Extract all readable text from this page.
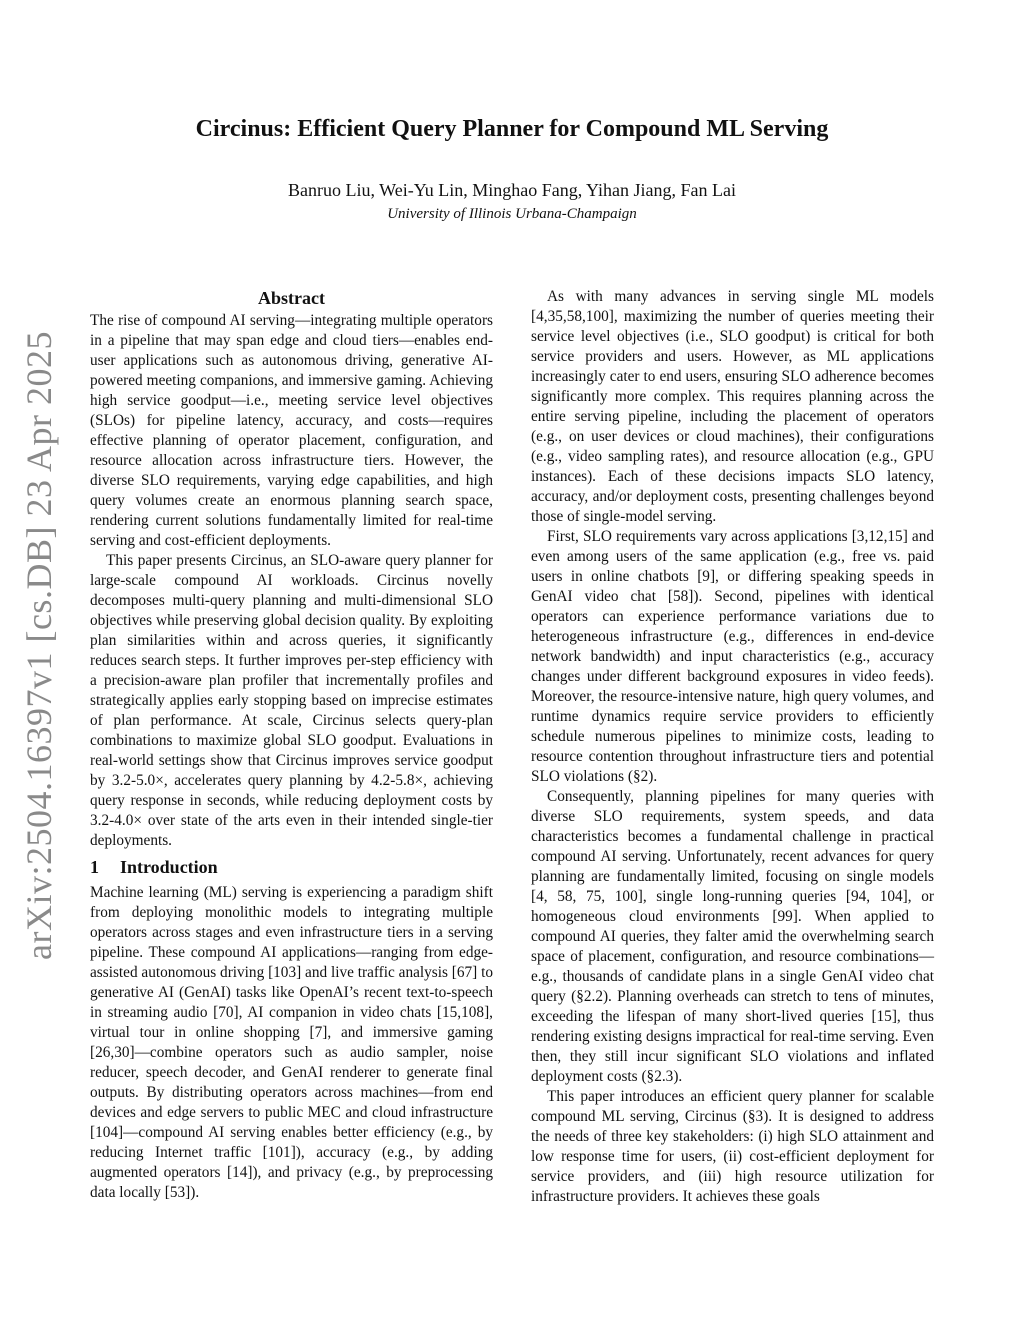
arXiv:2504.16397v1 [cs.DB] 23 Apr 2025
Circinus: Efficient Query Planner for Compound ML Serving
Banruo Liu, Wei-Yu Lin, Minghao Fang, Yihan Jiang, Fan Lai
University of Illinois Urbana-Champaign
Abstract

The rise of compound AI serving—integrating multiple operators in a pipeline that may span edge and cloud tiers—enables end-user applications such as autonomous driving, generative AI-powered meeting companions, and immersive gaming. Achieving high service goodput—i.e., meeting service level objectives (SLOs) for pipeline latency, accuracy, and costs—requires effective planning of operator placement, configuration, and resource allocation across infrastructure tiers. However, the diverse SLO requirements, varying edge capabilities, and high query volumes create an enormous planning search space, rendering current solutions fundamentally limited for real-time serving and cost-efficient deployments.

This paper presents Circinus, an SLO-aware query planner for large-scale compound AI workloads. Circinus novelly decomposes multi-query planning and multi-dimensional SLO objectives while preserving global decision quality. By exploiting plan similarities within and across queries, it significantly reduces search steps. It further improves per-step efficiency with a precision-aware plan profiler that incrementally profiles and strategically applies early stopping based on imprecise estimates of plan performance. At scale, Circinus selects query-plan combinations to maximize global SLO goodput. Evaluations in real-world settings show that Circinus improves service goodput by 3.2-5.0×, accelerates query planning by 4.2-5.8×, achieving query response in seconds, while reducing deployment costs by 3.2-4.0× over state of the arts even in their intended single-tier deployments.

1 Introduction

Machine learning (ML) serving is experiencing a paradigm shift from deploying monolithic models to integrating multiple operators across stages and even infrastructure tiers in a serving pipeline. These compound AI applications—ranging from edge-assisted autonomous driving [103] and live traffic analysis [67] to generative AI (GenAI) tasks like OpenAI’s recent text-to-speech in streaming audio [70], AI companion in video chats [15,108], virtual tour in online shopping [7], and immersive gaming [26,30]—combine operators such as audio sampler, noise reducer, speech decoder, and GenAI renderer to generate final outputs. By distributing operators across machines—from end devices and edge servers to public MEC and cloud infrastructure [104]—compound AI serving enables better efficiency (e.g., by reducing Internet traffic [101]), accuracy (e.g., by adding augmented operators [14]), and privacy (e.g., by preprocessing data locally [53]).

As with many advances in serving single ML models [4,35,58,100], maximizing the number of queries meeting their service level objectives (i.e., SLO goodput) is critical for both service providers and users. However, as ML applications increasingly cater to end users, ensuring SLO adherence becomes significantly more complex. This requires planning across the entire serving pipeline, including the placement of operators (e.g., on user devices or cloud machines), their configurations (e.g., video sampling rates), and resource allocation (e.g., GPU instances). Each of these decisions impacts SLO latency, accuracy, and/or deployment costs, presenting challenges beyond those of single-model serving.

First, SLO requirements vary across applications [3,12,15] and even among users of the same application (e.g., free vs. paid users in online chatbots [9], or differing speaking speeds in GenAI video chat [58]). Second, pipelines with identical operators can experience performance variations due to heterogeneous infrastructure (e.g., differences in end-device network bandwidth) and input characteristics (e.g., accuracy changes under different background exposures in video feeds). Moreover, the resource-intensive nature, high query volumes, and runtime dynamics require service providers to efficiently schedule numerous pipelines to minimize costs, leading to resource contention throughout infrastructure tiers and potential SLO violations (§2).

Consequently, planning pipelines for many queries with diverse SLO requirements, system speeds, and data characteristics becomes a fundamental challenge in practical compound AI serving. Unfortunately, recent advances for query planning are fundamentally limited, focusing on single models [4, 58, 75, 100], single long-running queries [94, 104], or homogeneous cloud environments [99]. When applied to compound AI queries, they falter amid the overwhelming search space of placement, configuration, and resource combinations—e.g., thousands of candidate plans in a single GenAI video chat query (§2.2). Planning overheads can stretch to tens of minutes, exceeding the lifespan of many short-lived queries [15], thus rendering existing designs impractical for real-time serving. Even then, they still incur significant SLO violations and inflated deployment costs (§2.3).

This paper introduces an efficient query planner for scalable compound ML serving, Circinus (§3). It is designed to address the needs of three key stakeholders: (i) high SLO attainment and low response time for users, (ii) cost-efficient deployment for service providers, and (iii) high resource utilization for infrastructure providers. It achieves these goals
